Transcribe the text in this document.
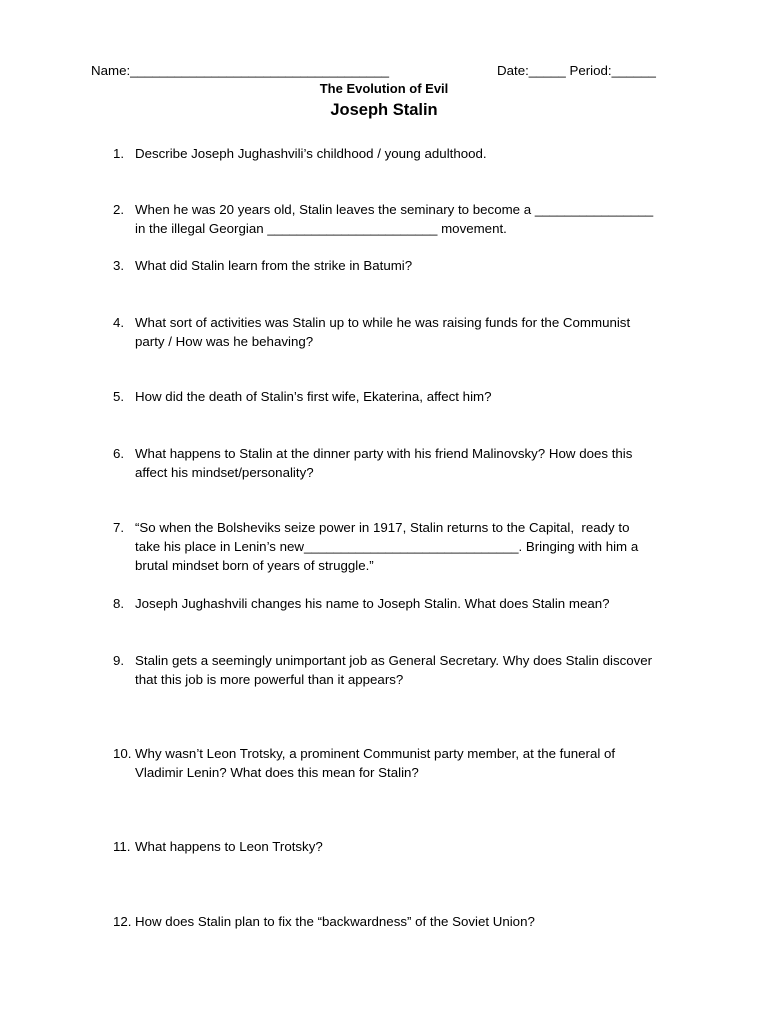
Name:___________________________________	Date:_____ Period:______
The Evolution of Evil
Joseph Stalin
1. Describe Joseph Jughashvili’s childhood / young adulthood.
2. When he was 20 years old, Stalin leaves the seminary to become a ________________
in the illegal Georgian _______________________ movement.
3. What did Stalin learn from the strike in Batumi?
4. What sort of activities was Stalin up to while he was raising funds for the Communist
party / How was he behaving?
5. How did the death of Stalin’s first wife, Ekaterina, affect him?
6. What happens to Stalin at the dinner party with his friend Malinovsky? How does this
affect his mindset/personality?
7. “So when the Bolsheviks seize power in 1917, Stalin returns to the Capital,  ready to
take his place in Lenin’s new_____________________________. Bringing with him a
brutal mindset born of years of struggle.”
8. Joseph Jughashvili changes his name to Joseph Stalin. What does Stalin mean?
9. Stalin gets a seemingly unimportant job as General Secretary. Why does Stalin discover
that this job is more powerful than it appears?
10. Why wasn’t Leon Trotsky, a prominent Communist party member, at the funeral of
Vladimir Lenin? What does this mean for Stalin?
11. What happens to Leon Trotsky?
12. How does Stalin plan to fix the “backwardness” of the Soviet Union?
